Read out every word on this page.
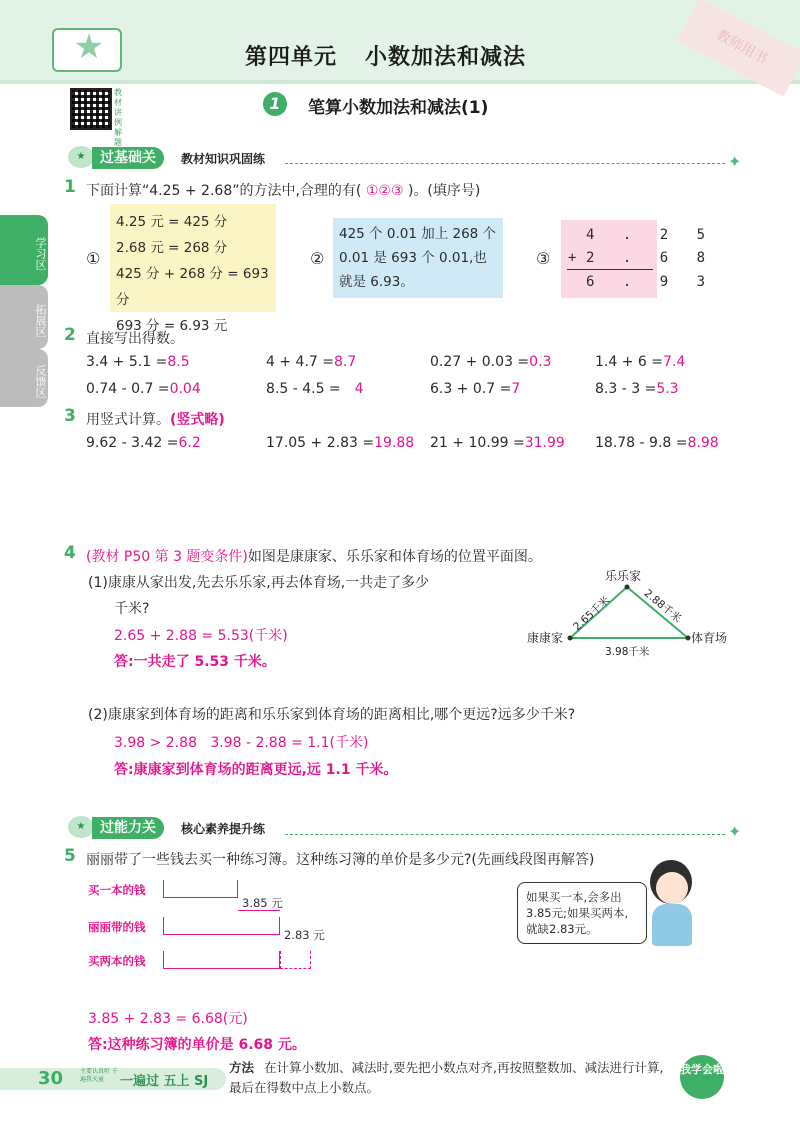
教师用书
★	第四单元 小数加法和减法
教材讲例解题
1	笔算小数加法和减法(1)
学习区
拓展区
反馈区
★	过基础关	教材知识巩固练	✦
1 下面计算“4.25 + 2.68”的方法中,合理的有( ①②③ )。(填序号)
①
4.25 元 = 425 分
2.68 元 = 268 分
425 分 + 268 分 = 693 分
693 分 = 6.93 元
②
425 个 0.01 加上 268 个
0.01 是 693 个 0.01,也
就是 6.93。
③
4 . 2 5
+ 2 . 6 8
6 . 9 3
2 直接写出得数。
3.4 + 5.1 =8.5	4 + 4.7 =8.7	0.27 + 0.03 =0.3	1.4 + 6 =7.4
0.74 - 0.7 =0.04	8.5 - 4.5 = 4	6.3 + 0.7 =7	8.3 - 3 =5.3
3 用竖式计算。(竖式略)
9.62 - 3.42 =6.2	17.05 + 2.83 =19.88 21 + 10.99 =31.99 18.78 - 9.8 =8.98
4 (教材 P50 第 3 题变条件)如图是康康家、乐乐家和体育场的位置平面图。
(1)康康从家出发,先去乐乐家,再去体育场,一共走了多少
千米?
2.65 + 2.88 = 5.53(千米)
答:一共走了 5.53 千米。
乐乐家
康康家	体育场
2.65千米	2.88千米
3.98千米
(2)康康家到体育场的距离和乐乐家到体育场的距离相比,哪个更远?远多少千米?
3.98 > 2.88   3.98 - 2.88 = 1.1(千米)
答:康康家到体育场的距离更远,远 1.1 千米。
★	过能力关	核心素养提升练	✦
5 丽丽带了一些钱去买一种练习簿。这种练习簿的单价是多少元?(先画线段图再解答)
买一本的钱
丽丽带的钱
3.85 元
买两本的钱
2.83 元
如果买一本,会多出3.85元;如果买两本,就缺2.83元。
3.85 + 2.83 = 6.68(元)
答:这种练习簿的单价是 6.68 元。
30	主要认真听 千遍我天童	一遍过 五上 SJ
方法 在计算小数加、减法时,要先把小数点对齐,再按照整数加、减法进行计算,最后在得数中点上小数点。
我学会啦
